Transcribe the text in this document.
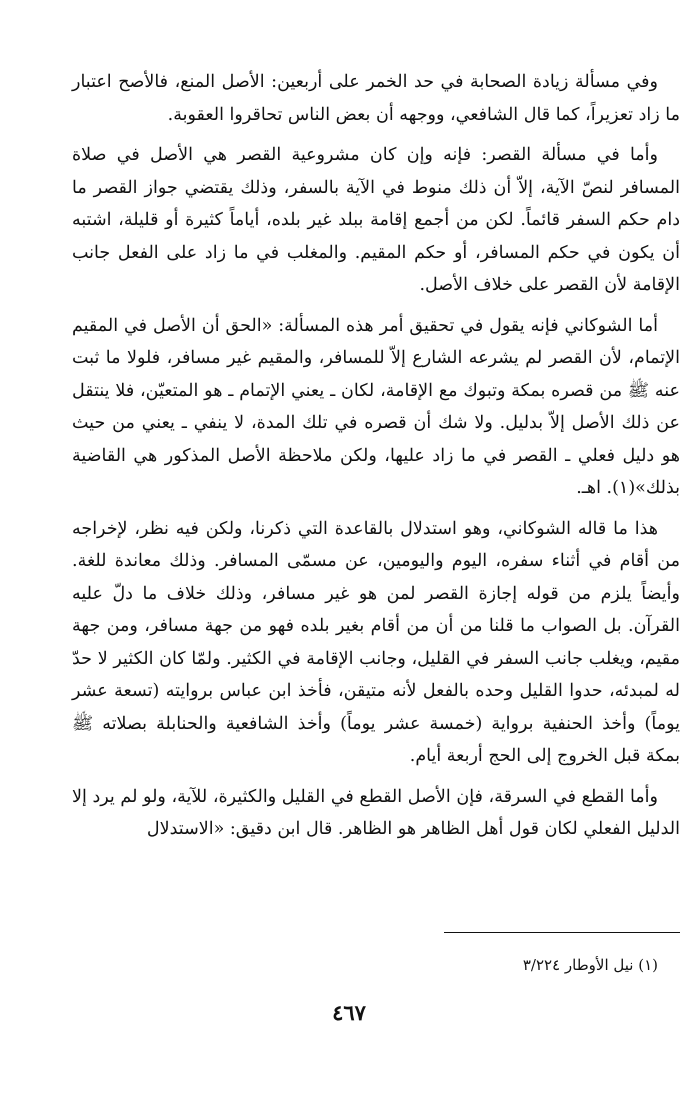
وفي مسألة زيادة الصحابة في حد الخمر على أربعين: الأصل المنع، فالأصح اعتبار ما زاد تعزيراً، كما قال الشافعي، ووجهه أن بعض الناس تحاقروا العقوبة.

وأما في مسألة القصر: فإنه وإن كان مشروعية القصر هي الأصل في صلاة المسافر لنصّ الآية، إلاّ أن ذلك منوط في الآية بالسفر، وذلك يقتضي جواز القصر ما دام حكم السفر قائماً. لكن من أجمع إقامة ببلد غير بلده، أياماً كثيرة أو قليلة، اشتبه أن يكون في حكم المسافر، أو حكم المقيم. والمغلب في ما زاد على الفعل جانب الإقامة لأن القصر على خلاف الأصل.

أما الشوكاني فإنه يقول في تحقيق أمر هذه المسألة: «الحق أن الأصل في المقيم الإتمام، لأن القصر لم يشرعه الشارع إلاّ للمسافر، والمقيم غير مسافر، فلولا ما ثبت عنه ﷺ من قصره بمكة وتبوك مع الإقامة، لكان ـ يعني الإتمام ـ هو المتعيّن، فلا ينتقل عن ذلك الأصل إلاّ بدليل. ولا شك أن قصره في تلك المدة، لا ينفي ـ يعني من حيث هو دليل فعلي ـ القصر في ما زاد عليها، ولكن ملاحظة الأصل المذكور هي القاضية بذلك»(١). اهـ.

هذا ما قاله الشوكاني، وهو استدلال بالقاعدة التي ذكرنا، ولكن فيه نظر، لإخراجه من أقام في أثناء سفره، اليوم واليومين، عن مسمّى المسافر. وذلك معاندة للغة. وأيضاً يلزم من قوله إجازة القصر لمن هو غير مسافر، وذلك خلاف ما دلّ عليه القرآن. بل الصواب ما قلنا من أن من أقام بغير بلده فهو من جهة مسافر، ومن جهة مقيم، ويغلب جانب السفر في القليل، وجانب الإقامة في الكثير. ولمّا كان الكثير لا حدّ له لمبدئه، حدوا القليل وحده بالفعل لأنه متيقن، فأخذ ابن عباس بروايته (تسعة عشر يوماً) وأخذ الحنفية برواية (خمسة عشر يوماً) وأخذ الشافعية والحنابلة بصلاته ﷺ بمكة قبل الخروج إلى الحج أربعة أيام.

وأما القطع في السرقة، فإن الأصل القطع في القليل والكثيرة، للآية، ولو لم يرد إلا الدليل الفعلي لكان قول أهل الظاهر هو الظاهر. قال ابن دقيق: «الاستدلال

(١) نيل الأوطار ٣/٢٢٤
٤٦٧
